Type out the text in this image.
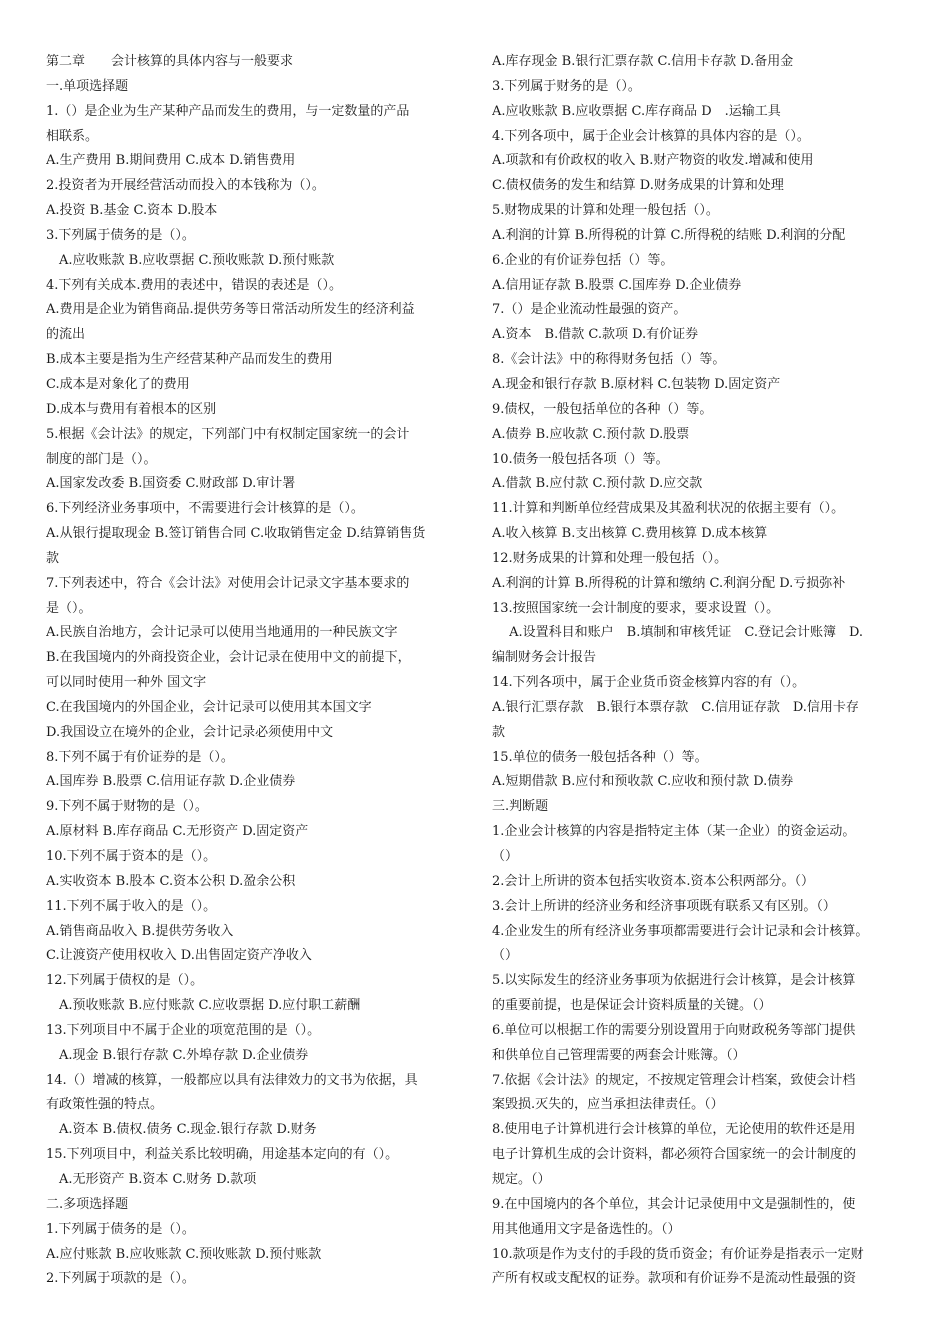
第二章　　会计核算的具体内容与一般要求
一.单项选择题
1.（）是企业为生产某种产品而发生的费用，与一定数量的产品
相联系。
A.生产费用 B.期间费用 C.成本 D.销售费用
2.投资者为开展经营活动而投入的本钱称为（）。
A.投资 B.基金 C.资本 D.股本
3.下列属于债务的是（）。
　A.应收账款 B.应收票据 C.预收账款 D.预付账款
4.下列有关成本.费用的表述中，错误的表述是（）。
A.费用是企业为销售商品.提供劳务等日常活动所发生的经济利益
的流出
B.成本主要是指为生产经营某种产品而发生的费用
C.成本是对象化了的费用
D.成本与费用有着根本的区别
5.根据《会计法》的规定，下列部门中有权制定国家统一的会计
制度的部门是（）。
A.国家发改委 B.国资委 C.财政部 D.审计署
6.下列经济业务事项中，不需要进行会计核算的是（）。
A.从银行提取现金 B.签订销售合同 C.收取销售定金 D.结算销售货
款
7.下列表述中，符合《会计法》对使用会计记录文字基本要求的
是（）。
A.民族自治地方，会计记录可以使用当地通用的一种民族文字
B.在我国境内的外商投资企业，会计记录在使用中文的前提下，
可以同时使用一种外 国文字
C.在我国境内的外国企业，会计记录可以使用其本国文字
D.我国设立在境外的企业，会计记录必须使用中文
8.下列不属于有价证券的是（）。
A.国库券 B.股票 C.信用证存款 D.企业债券
9.下列不属于财物的是（）。
A.原材料 B.库存商品 C.无形资产 D.固定资产
10.下列不属于资本的是（）。
A.实收资本 B.股本 C.资本公积 D.盈余公积
11.下列不属于收入的是（）。
A.销售商品收入 B.提供劳务收入
C.让渡资产使用权收入 D.出售固定资产净收入
12.下列属于债权的是（）。
　A.预收账款 B.应付账款 C.应收票据 D.应付职工薪酬
13.下列项目中不属于企业的项宽范围的是（）。
　A.现金 B.银行存款 C.外埠存款 D.企业债券
14.（）增减的核算，一般都应以具有法律效力的文书为依据，具
有政策性强的特点。
　A.资本 B.债权.债务 C.现金.银行存款 D.财务
15.下列项目中，利益关系比较明确，用途基本定向的有（）。
　A.无形资产 B.资本 C.财务 D.款项
二.多项选择题
1.下列属于债务的是（）。
A.应付账款 B.应收账款 C.预收账款 D.预付账款
2.下列属于项款的是（）。
A.库存现金 B.银行汇票存款 C.信用卡存款 D.备用金
3.下列属于财务的是（）。
A.应收账款 B.应收票据 C.库存商品 D　.运输工具
4.下列各项中，属于企业会计核算的具体内容的是（）。
A.项款和有价政权的收入 B.财产物资的收发.增减和使用
C.债权债务的发生和结算 D.财务成果的计算和处理
5.财物成果的计算和处理一般包括（）。
A.利润的计算 B.所得税的计算 C.所得税的结账 D.利润的分配
6.企业的有价证券包括（）等。
A.信用证存款 B.股票 C.国库券 D.企业债券
7.（）是企业流动性最强的资产。
A.资本　B.借款 C.款项 D.有价证券
8.《会计法》中的称得财务包括（）等。
A.现金和银行存款 B.原材料 C.包装物 D.固定资产
9.债权，一般包括单位的各种（）等。
A.债券 B.应收款 C.预付款 D.股票
10.债务一般包括各项（）等。
A.借款 B.应付款 C.预付款 D.应交款
11.计算和判断单位经营成果及其盈利状况的依据主要有（）。
A.收入核算 B.支出核算 C.费用核算 D.成本核算
12.财务成果的计算和处理一般包括（）。
A.利润的计算 B.所得税的计算和缴纳 C.利润分配 D.亏损弥补
13.按照国家统一会计制度的要求，要求设置（）。
　 A.设置科目和账户　B.填制和审核凭证　C.登记会计账簿　D.
编制财务会计报告
14.下列各项中，属于企业货币资金核算内容的有（）。
A.银行汇票存款　B.银行本票存款　C.信用证存款　D.信用卡存
款
15.单位的债务一般包括各种（）等。
A.短期借款 B.应付和预收款 C.应收和预付款 D.债券
三.判断题
1.企业会计核算的内容是指特定主体（某一企业）的资金运动。
（）
2.会计上所讲的资本包括实收资本.资本公积两部分。（）
3.会计上所讲的经济业务和经济事项既有联系又有区别。（）
4.企业发生的所有经济业务事项都需要进行会计记录和会计核算。
（）
5.以实际发生的经济业务事项为依据进行会计核算，是会计核算
的重要前提，也是保证会计资料质量的关键。（）
6.单位可以根据工作的需要分别设置用于向财政税务等部门提供
和供单位自己管理需要的两套会计账簿。（）
7.依据《会计法》的规定，不按规定管理会计档案，致使会计档
案毁损.灭失的，应当承担法律责任。（）
8.使用电子计算机进行会计核算的单位，无论使用的软件还是用
电子计算机生成的会计资料，都必须符合国家统一的会计制度的
规定。（）
9.在中国境内的各个单位，其会计记录使用中文是强制性的，使
用其他通用文字是备选性的。（）
10.款项是作为支付的手段的货币资金；有价证券是指表示一定财
产所有权或支配权的证券。款项和有价证券不是流动性最强的资
